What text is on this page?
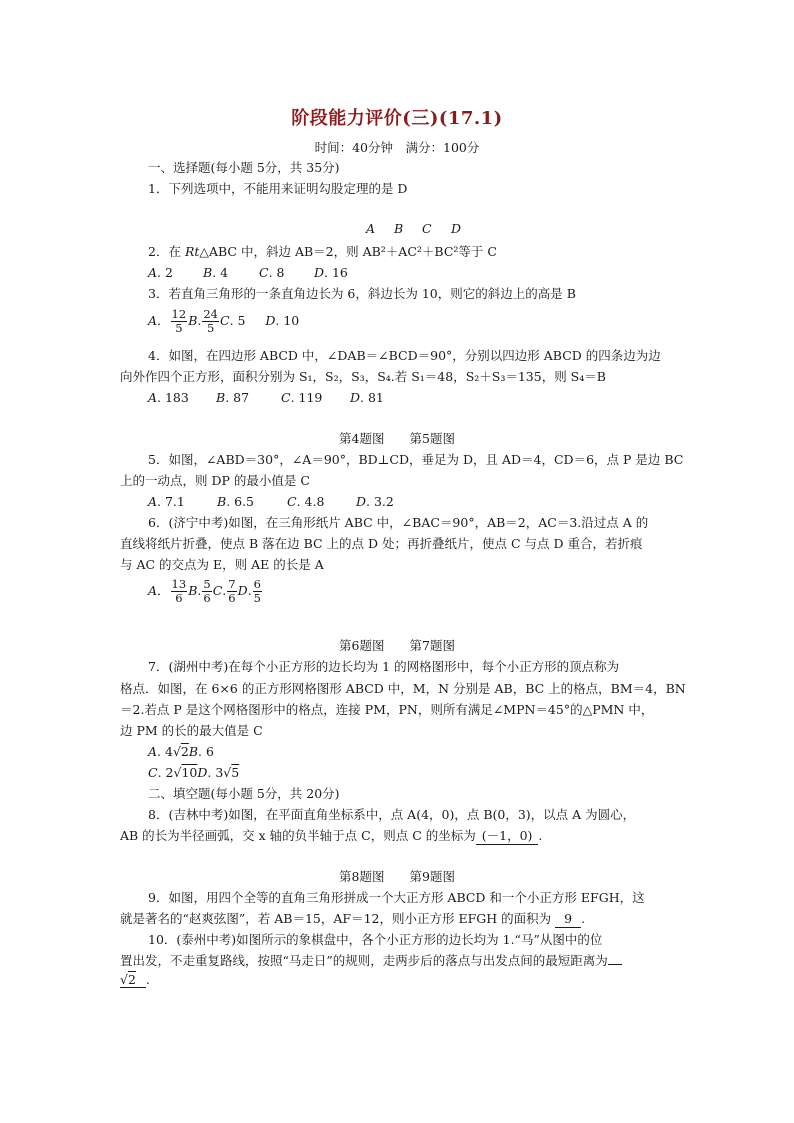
阶段能力评价(三)(17.1)
时间：40分钟　满分：100分
一、选择题(每小题 5分，共 35分)
1．下列选项中，不能用来证明勾股定理的是 D
A B C D
2．在 Rt△ABC 中，斜边 AB＝2，则 AB²＋AC²＋BC²等于 C
A. 2 B. 4 C. 8 D. 16
3．若直角三角形的一条直角边长为 6，斜边长为 10，则它的斜边上的高是 B
A． $\frac{12}{5} B$. $\frac{24}{5} C$. 5 D. 10
4．如图，在四边形 ABCD 中，∠DAB＝∠BCD＝90°，分别以四边形 ABCD 的四条边为边
向外作四个正方形，面积分别为 S₁，S₂，S₃，S₄.若 S₁＝48，S₂＋S₃＝135，则 S₄＝B
A. 183 B. 87	C. 119 D. 81
第4题图　　第5题图
5．如图，∠ABD＝30°，∠A＝90°，BD⊥CD，垂足为 D，且 AD＝4，CD＝6，点 P 是边 BC
上的一动点，则 DP 的最小值是 C
A. 7.1	B. 6.5	C. 4.8	D. 3.2
6．(济宁中考)如图，在三角形纸片 ABC 中，∠BAC＝90°，AB＝2，AC＝3.沿过点 A 的
直线将纸片折叠，使点 B 落在边 BC 上的点 D 处；再折叠纸片，使点 C 与点 D 重合，若折痕
与 AC 的交点为 E，则 AE 的长是 A
A． $\frac{13}{6} B$. $\frac{5}{6} C$. $\frac{7}{6} D$. $\frac{6}{5}$
第6题图　　第7题图
7．(湖州中考)在每个小正方形的边长均为 1 的网格图形中，每个小正方形的顶点称为
格点．如图，在 6×6 的正方形网格图形 ABCD 中，M，N 分别是 AB，BC 上的格点，BM＝4，BN
＝2.若点 P 是这个网格图形中的格点，连接 PM，PN，则所有满足∠MPN＝45°的△PMN 中，
边 PM 的长的最大值是 C
A. 4√2B. 6
C. 2√10D. 3√5
二、填空题(每小题 5分，共 20分)
8．(吉林中考)如图，在平面直角坐标系中，点 A(4，0)，点 B(0，3)，以点 A 为圆心，
AB 的长为半径画弧，交 x 轴的负半轴于点 C，则点 C 的坐标为 (－1，0) .
第8题图　　第9题图
9．如图，用四个全等的直角三角形拼成一个大正方形 ABCD 和一个小正方形 EFGH，这
就是著名的“赵爽弦图”，若 AB＝15，AF＝12，则小正方形 EFGH 的面积为 9 .
10．(泰州中考)如图所示的象棋盘中，各个小正方形的边长均为 1.“马”从图中的位
置出发，不走重复路线，按照“马走日”的规则，走两步后的落点与出发点间的最短距离为
√2 .
